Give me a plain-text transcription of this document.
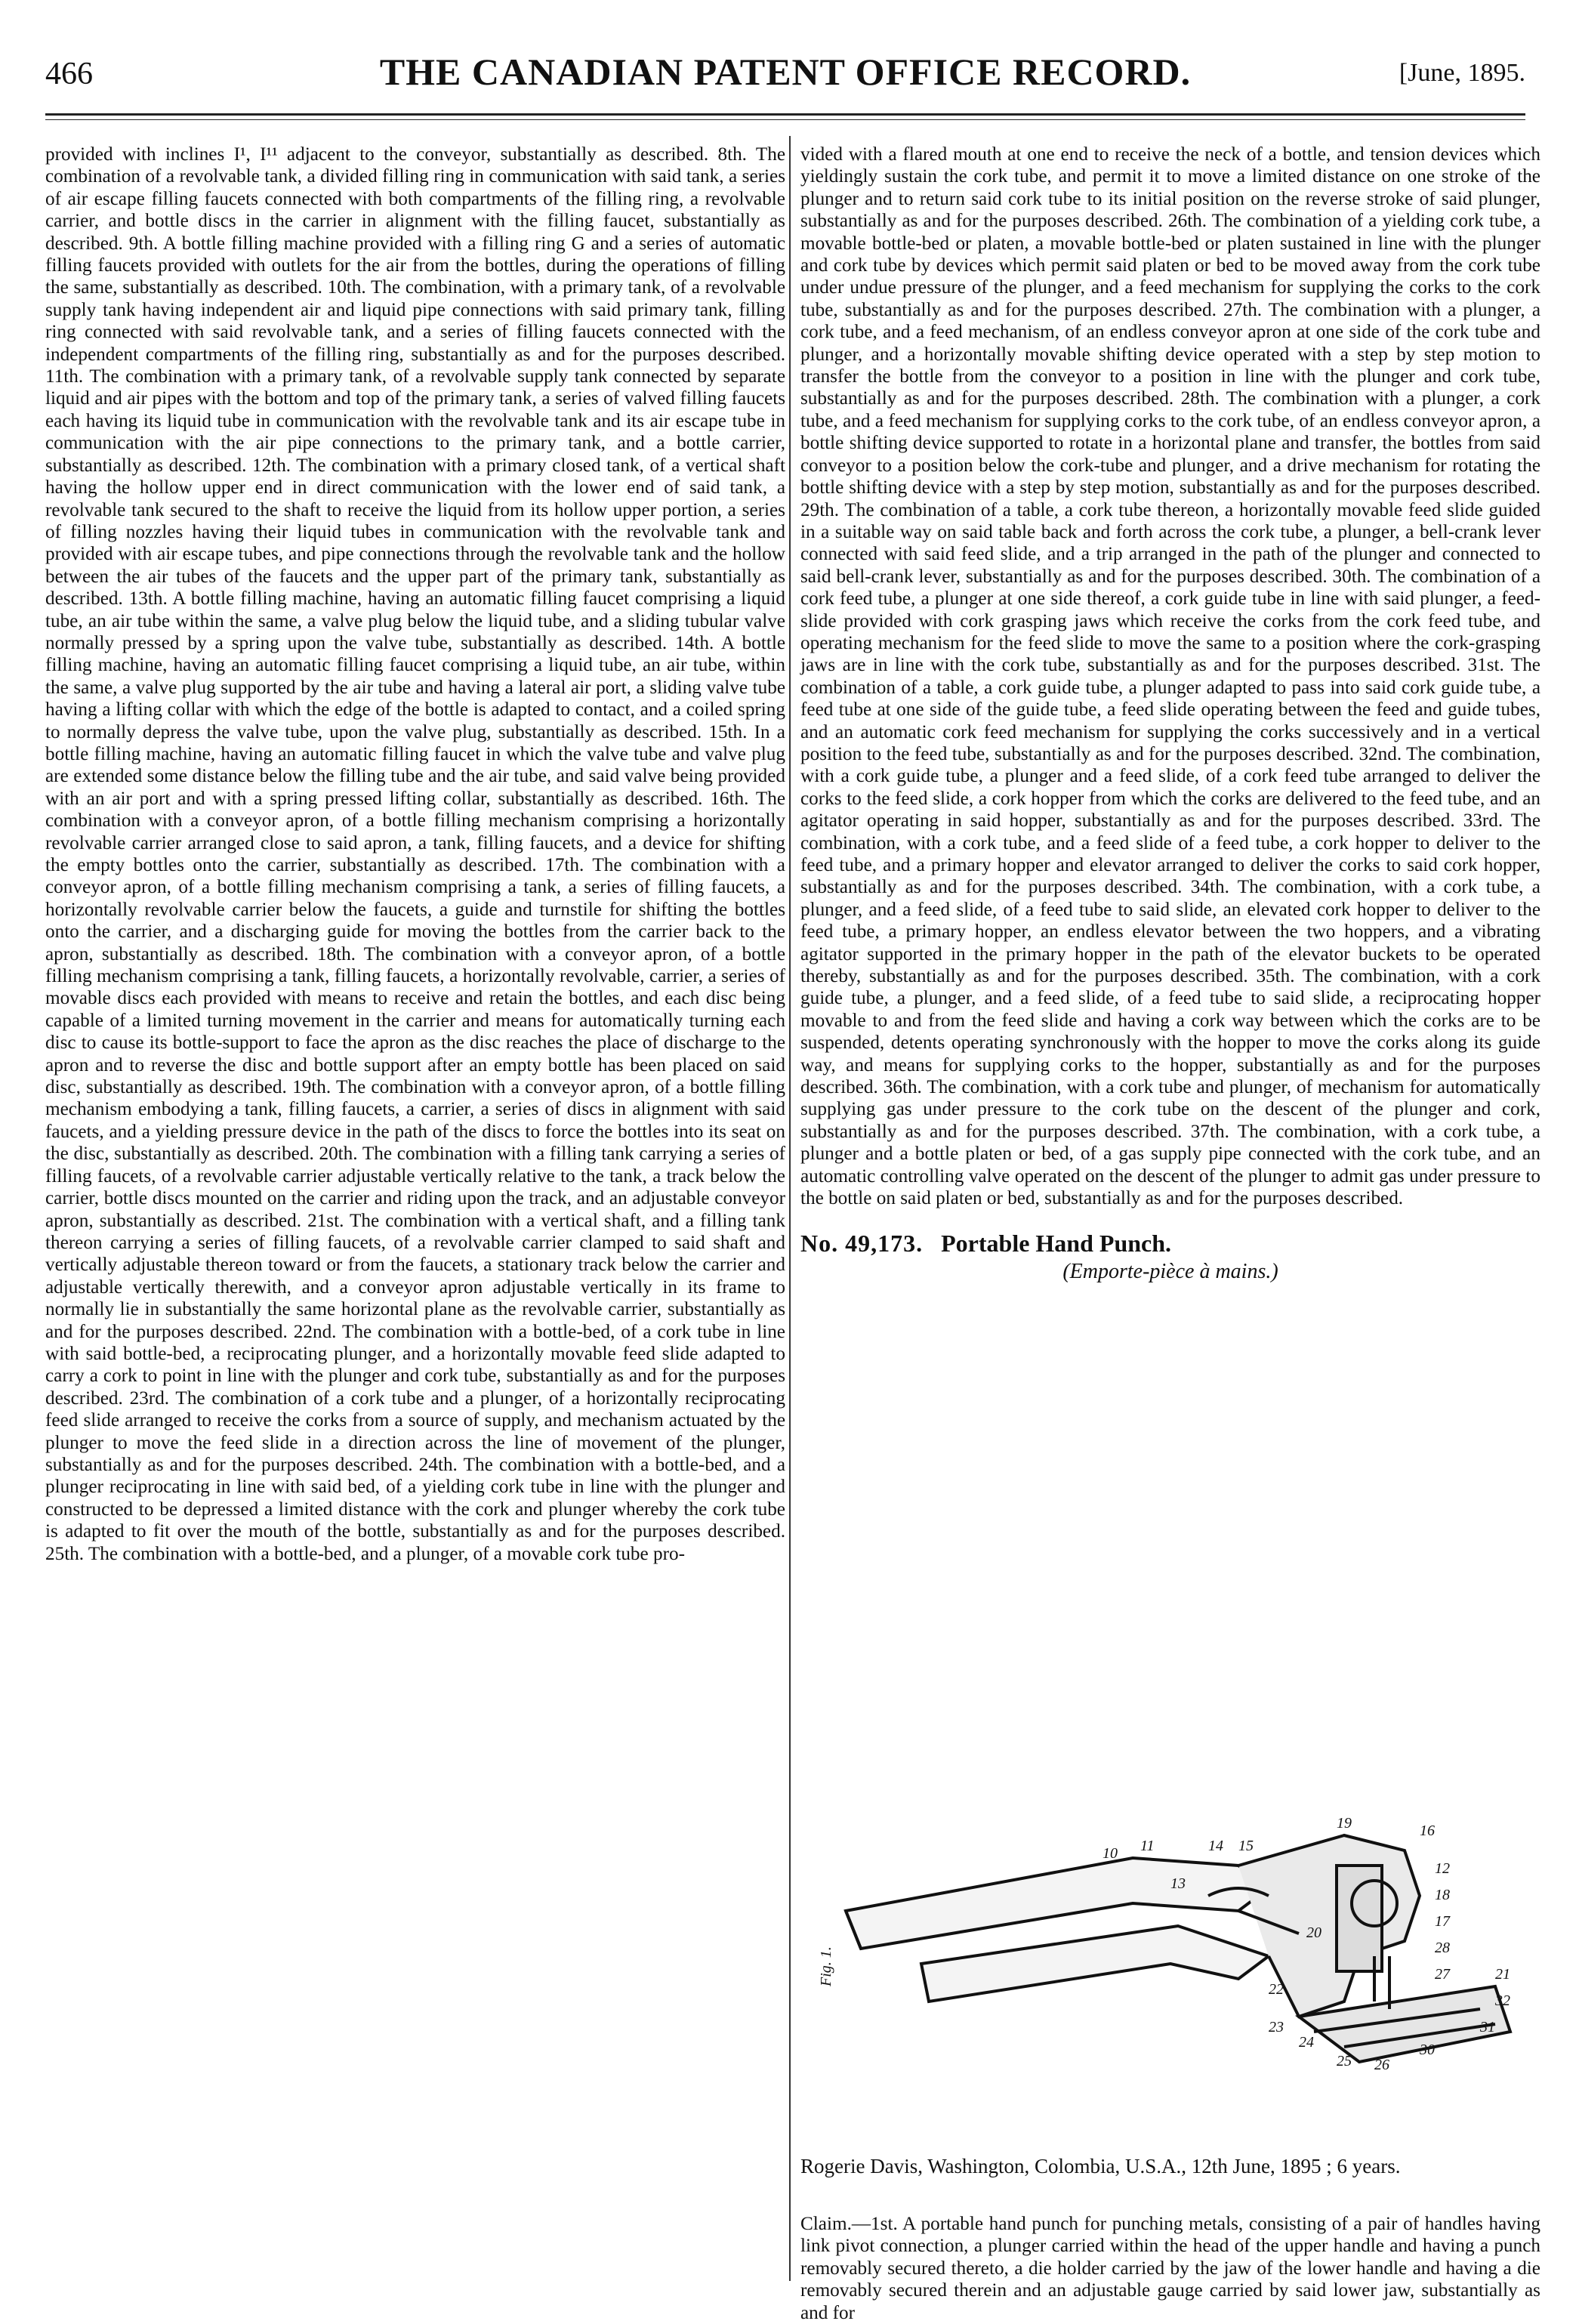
466	THE CANADIAN PATENT OFFICE RECORD.	[June, 1895.

provided with inclines I¹, I¹¹ adjacent to the conveyor, substantially as described. 8th. The combination of a revolvable tank, a divided filling ring in communication with said tank, a series of air escape filling faucets connected with both compartments of the filling ring, a revolvable carrier, and bottle discs in the carrier in alignment with the filling faucet, substantially as described. 9th. A bottle filling machine provided with a filling ring G and a series of automatic filling faucets provided with outlets for the air from the bottles, during the operations of filling the same, substantially as described. 10th. The combination, with a primary tank, of a revolvable supply tank having independent air and liquid pipe connections with said primary tank, filling ring connected with said revolvable tank, and a series of filling faucets connected with the independent compartments of the filling ring, substantially as and for the purposes described. 11th. The combination with a primary tank, of a revolvable supply tank connected by separate liquid and air pipes with the bottom and top of the primary tank, a series of valved filling faucets each having its liquid tube in communication with the revolvable tank and its air escape tube in communication with the air pipe connections to the primary tank, and a bottle carrier, substantially as described. 12th. The combination with a primary closed tank, of a vertical shaft having the hollow upper end in direct communication with the lower end of said tank, a revolvable tank secured to the shaft to receive the liquid from its hollow upper portion, a series of filling nozzles having their liquid tubes in communication with the revolvable tank and provided with air escape tubes, and pipe connections through the revolvable tank and the hollow between the air tubes of the faucets and the upper part of the primary tank, substantially as described. 13th. A bottle filling machine, having an automatic filling faucet comprising a liquid tube, an air tube within the same, a valve plug below the liquid tube, and a sliding tubular valve normally pressed by a spring upon the valve tube, substantially as described. 14th. A bottle filling machine, having an automatic filling faucet comprising a liquid tube, an air tube, within the same, a valve plug supported by the air tube and having a lateral air port, a sliding valve tube having a lifting collar with which the edge of the bottle is adapted to contact, and a coiled spring to normally depress the valve tube, upon the valve plug, substantially as described. 15th. In a bottle filling machine, having an automatic filling faucet in which the valve tube and valve plug are extended some distance below the filling tube and the air tube, and said valve being provided with an air port and with a spring pressed lifting collar, substantially as described. 16th. The combination with a conveyor apron, of a bottle filling mechanism comprising a horizontally revolvable carrier arranged close to said apron, a tank, filling faucets, and a device for shifting the empty bottles onto the carrier, substantially as described. 17th. The combination with a conveyor apron, of a bottle filling mechanism comprising a tank, a series of filling faucets, a horizontally revolvable carrier below the faucets, a guide and turnstile for shifting the bottles onto the carrier, and a discharging guide for moving the bottles from the carrier back to the apron, substantially as described. 18th. The combination with a conveyor apron, of a bottle filling mechanism comprising a tank, filling faucets, a horizontally revolvable, carrier, a series of movable discs each provided with means to receive and retain the bottles, and each disc being capable of a limited turning movement in the carrier and means for automatically turning each disc to cause its bottle-support to face the apron as the disc reaches the place of discharge to the apron and to reverse the disc and bottle support after an empty bottle has been placed on said disc, substantially as described. 19th. The combination with a conveyor apron, of a bottle filling mechanism embodying a tank, filling faucets, a carrier, a series of discs in alignment with said faucets, and a yielding pressure device in the path of the discs to force the bottles into its seat on the disc, substantially as described. 20th. The combination with a filling tank carrying a series of filling faucets, of a revolvable carrier adjustable vertically relative to the tank, a track below the carrier, bottle discs mounted on the carrier and riding upon the track, and an adjustable conveyor apron, substantially as described. 21st. The combination with a vertical shaft, and a filling tank thereon carrying a series of filling faucets, of a revolvable carrier clamped to said shaft and vertically adjustable thereon toward or from the faucets, a stationary track below the carrier and adjustable vertically therewith, and a conveyor apron adjustable vertically in its frame to normally lie in substantially the same horizontal plane as the revolvable carrier, substantially as and for the purposes described. 22nd. The combination with a bottle-bed, of a cork tube in line with said bottle-bed, a reciprocating plunger, and a horizontally movable feed slide adapted to carry a cork to point in line with the plunger and cork tube, substantially as and for the purposes described. 23rd. The combination of a cork tube and a plunger, of a horizontally reciprocating feed slide arranged to receive the corks from a source of supply, and mechanism actuated by the plunger to move the feed slide in a direction across the line of movement of the plunger, substantially as and for the purposes described. 24th. The combination with a bottle-bed, and a plunger reciprocating in line with said bed, of a yielding cork tube in line with the plunger and constructed to be depressed a limited distance with the cork and plunger whereby the cork tube is adapted to fit over the mouth of the bottle, substantially as and for the purposes described. 25th. The combination with a bottle-bed, and a plunger, of a movable cork tube pro-

vided with a flared mouth at one end to receive the neck of a bottle, and tension devices which yieldingly sustain the cork tube, and permit it to move a limited distance on one stroke of the plunger and to return said cork tube to its initial position on the reverse stroke of said plunger, substantially as and for the purposes described. 26th. The combination of a yielding cork tube, a movable bottle-bed or platen, a movable bottle-bed or platen sustained in line with the plunger and cork tube by devices which permit said platen or bed to be moved away from the cork tube under undue pressure of the plunger, and a feed mechanism for supplying the corks to the cork tube, substantially as and for the purposes described. 27th. The combination with a plunger, a cork tube, and a feed mechanism, of an endless conveyor apron at one side of the cork tube and plunger, and a horizontally movable shifting device operated with a step by step motion to transfer the bottle from the conveyor to a position in line with the plunger and cork tube, substantially as and for the purposes described. 28th. The combination with a plunger, a cork tube, and a feed mechanism for supplying corks to the cork tube, of an endless conveyor apron, a bottle shifting device supported to rotate in a horizontal plane and transfer, the bottles from said conveyor to a position below the cork-tube and plunger, and a drive mechanism for rotating the bottle shifting device with a step by step motion, substantially as and for the purposes described. 29th. The combination of a table, a cork tube thereon, a horizontally movable feed slide guided in a suitable way on said table back and forth across the cork tube, a plunger, a bell-crank lever connected with said feed slide, and a trip arranged in the path of the plunger and connected to said bell-crank lever, substantially as and for the purposes described. 30th. The combination of a cork feed tube, a plunger at one side thereof, a cork guide tube in line with said plunger, a feed-slide provided with cork grasping jaws which receive the corks from the cork feed tube, and operating mechanism for the feed slide to move the same to a position where the cork-grasping jaws are in line with the cork tube, substantially as and for the purposes described. 31st. The combination of a table, a cork guide tube, a plunger adapted to pass into said cork guide tube, a feed tube at one side of the guide tube, a feed slide operating between the feed and guide tubes, and an automatic cork feed mechanism for supplying the corks successively and in a vertical position to the feed tube, substantially as and for the purposes described. 32nd. The combination, with a cork guide tube, a plunger and a feed slide, of a cork feed tube arranged to deliver the corks to the feed slide, a cork hopper from which the corks are delivered to the feed tube, and an agitator operating in said hopper, substantially as and for the purposes described. 33rd. The combination, with a cork tube, and a feed slide of a feed tube, a cork hopper to deliver to the feed tube, and a primary hopper and elevator arranged to deliver the corks to said cork hopper, substantially as and for the purposes described. 34th. The combination, with a cork tube, a plunger, and a feed slide, of a feed tube to said slide, an elevated cork hopper to deliver to the feed tube, a primary hopper, an endless elevator between the two hoppers, and a vibrating agitator supported in the primary hopper in the path of the elevator buckets to be operated thereby, substantially as and for the purposes described. 35th. The combination, with a cork guide tube, a plunger, and a feed slide, of a feed tube to said slide, a reciprocating hopper movable to and from the feed slide and having a cork way between which the corks are to be suspended, detents operating synchronously with the hopper to move the corks along its guide way, and means for supplying corks to the hopper, substantially as and for the purposes described. 36th. The combination, with a cork tube and plunger, of mechanism for automatically supplying gas under pressure to the cork tube on the descent of the plunger and cork, substantially as and for the purposes described. 37th. The combination, with a cork tube, a plunger and a bottle platen or bed, of a gas supply pipe connected with the cork tube, and an automatic controlling valve operated on the descent of the plunger to admit gas under pressure to the bottle on said platen or bed, substantially as and for the purposes described.

No. 49,173. Portable Hand Punch.
(Emporte-pièce à mains.)
19	16
15
14
12
18
17
28
27	21
32
31
30
26
25
24
23
22
20
13
11
10
Fig. 1.
Rogerie Davis, Washington, Colombia, U.S.A., 12th June, 1895 ; 6 years.
Claim.—1st. A portable hand punch for punching metals, consisting of a pair of handles having link pivot connection, a plunger carried within the head of the upper handle and having a punch removably secured thereto, a die holder carried by the jaw of the lower handle and having a die removably secured therein and an adjustable gauge carried by said lower jaw, substantially as and for
